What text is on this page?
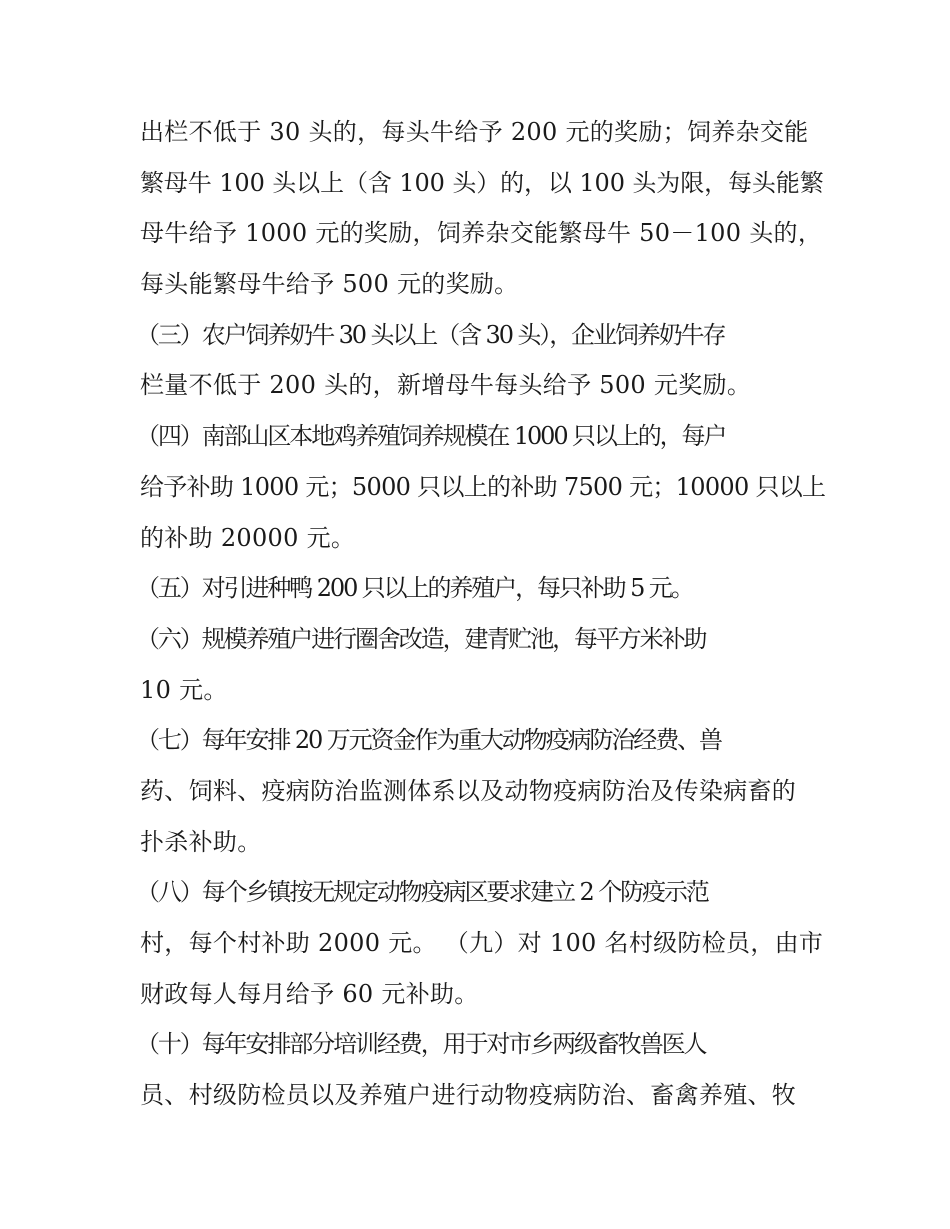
出栏不低于 30 头的，每头牛给予 200 元的奖励；饲养杂交能
繁母牛 100 头以上（含 100 头）的，以 100 头为限，每头能繁
母牛给予 1000 元的奖励，饲养杂交能繁母牛 50－100 头的，
每头能繁母牛给予 500 元的奖励。
（三）农户饲养奶牛 30 头以上（含 30 头），企业饲养奶牛存
栏量不低于 200 头的，新增母牛每头给予 500 元奖励。
（四）南部山区本地鸡养殖饲养规模在 1000 只以上的，每户
给予补助 1000 元；5000 只以上的补助 7500 元；10000 只以上
的补助 20000 元。
（五）对引进种鸭 200 只以上的养殖户，每只补助 5 元。
（六）规模养殖户进行圈舍改造，建青贮池，每平方米补助
10 元。
（七）每年安排 20 万元资金作为重大动物疫病防治经费、兽
药、饲料、疫病防治监测体系以及动物疫病防治及传染病畜的
扑杀补助。
（八）每个乡镇按无规定动物疫病区要求建立 2 个防疫示范
村，每个村补助 2000 元。 （九）对 100 名村级防检员，由市
财政每人每月给予 60 元补助。
（十）每年安排部分培训经费，用于对市乡两级畜牧兽医人
员、村级防检员以及养殖户进行动物疫病防治、畜禽养殖、牧
